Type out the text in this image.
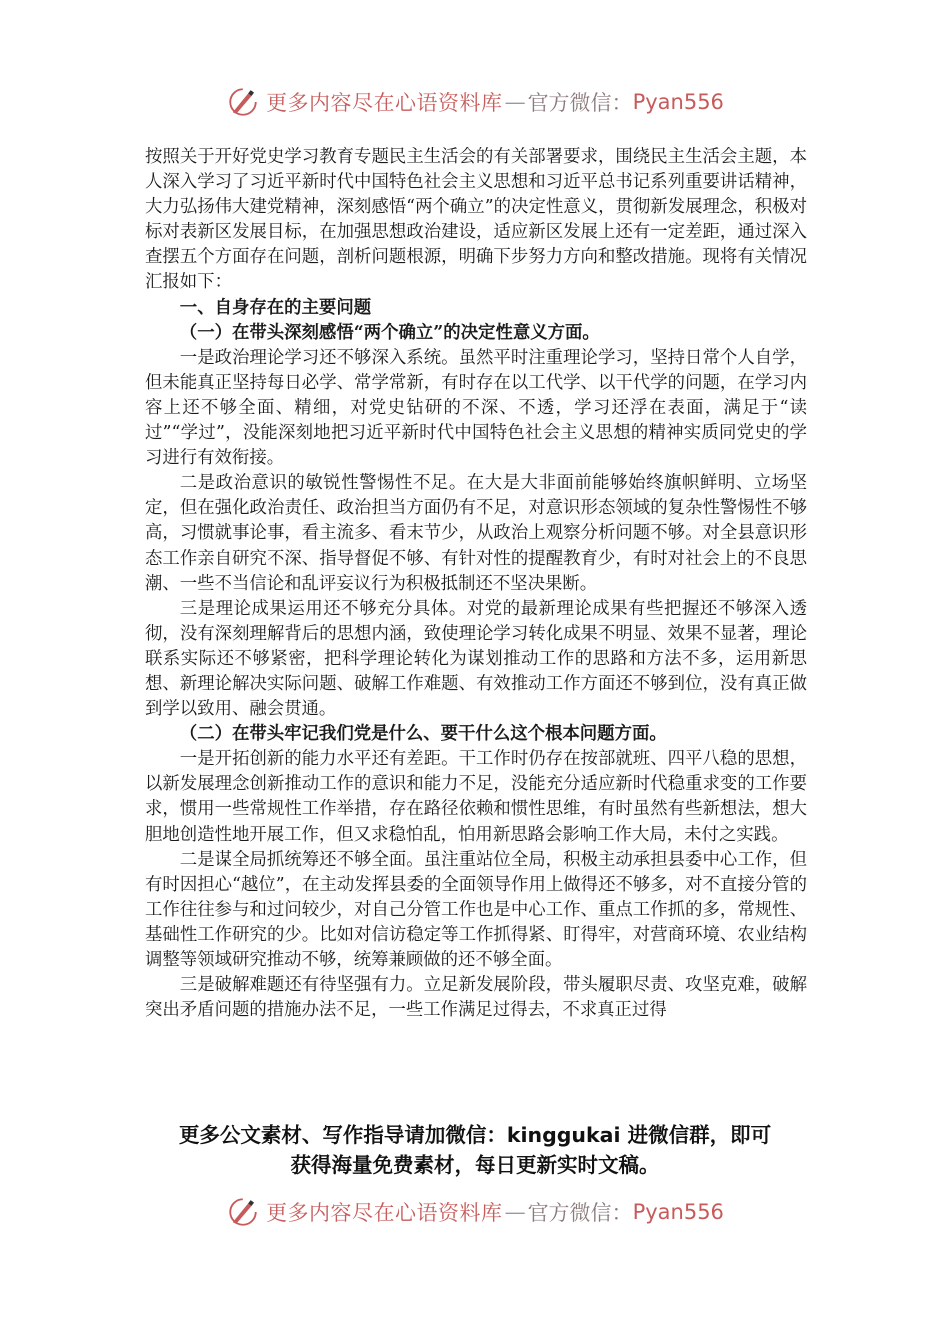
更多内容尽在心语资料库 — 官方微信： Pyan556

按照关于开好党史学习教育专题民主生活会的有关部署要求，围绕民主生活会主题，本人深入学习了习近平新时代中国特色社会主义思想和习近平总书记系列重要讲话精神，大力弘扬伟大建党精神，深刻感悟“两个确立”的决定性意义，贯彻新发展理念，积极对标对表新区发展目标，在加强思想政治建设，适应新区发展上还有一定差距，通过深入查摆五个方面存在问题，剖析问题根源，明确下步努力方向和整改措施。现将有关情况汇报如下：

一、自身存在的主要问题

（一）在带头深刻感悟“两个确立”的决定性意义方面。

一是政治理论学习还不够深入系统。虽然平时注重理论学习，坚持日常个人自学，但未能真正坚持每日必学、常学常新，有时存在以工代学、以干代学的问题，在学习内容上还不够全面、精细，对党史钻研的不深、不透，学习还浮在表面，满足于“读过”“学过”，没能深刻地把习近平新时代中国特色社会主义思想的精神实质同党史的学习进行有效衔接。

二是政治意识的敏锐性警惕性不足。在大是大非面前能够始终旗帜鲜明、立场坚定，但在强化政治责任、政治担当方面仍有不足，对意识形态领域的复杂性警惕性不够高，习惯就事论事，看主流多、看末节少，从政治上观察分析问题不够。对全县意识形态工作亲自研究不深、指导督促不够、有针对性的提醒教育少，有时对社会上的不良思潮、一些不当信论和乱评妄议行为积极抵制还不坚决果断。

三是理论成果运用还不够充分具体。对党的最新理论成果有些把握还不够深入透彻，没有深刻理解背后的思想内涵，致使理论学习转化成果不明显、效果不显著，理论联系实际还不够紧密，把科学理论转化为谋划推动工作的思路和方法不多，运用新思想、新理论解决实际问题、破解工作难题、有效推动工作方面还不够到位，没有真正做到学以致用、融会贯通。

（二）在带头牢记我们党是什么、要干什么这个根本问题方面。

一是开拓创新的能力水平还有差距。干工作时仍存在按部就班、四平八稳的思想，以新发展理念创新推动工作的意识和能力不足，没能充分适应新时代稳重求变的工作要求，惯用一些常规性工作举措，存在路径依赖和惯性思维，有时虽然有些新想法，想大胆地创造性地开展工作，但又求稳怕乱，怕用新思路会影响工作大局，未付之实践。

二是谋全局抓统筹还不够全面。虽注重站位全局，积极主动承担县委中心工作，但有时因担心“越位”，在主动发挥县委的全面领导作用上做得还不够多，对不直接分管的工作往往参与和过问较少，对自己分管工作也是中心工作、重点工作抓的多，常规性、基础性工作研究的少。比如对信访稳定等工作抓得紧、盯得牢，对营商环境、农业结构调整等领域研究推动不够，统筹兼顾做的还不够全面。

三是破解难题还有待坚强有力。立足新发展阶段，带头履职尽责、攻坚克难，破解突出矛盾问题的措施办法不足，一些工作满足过得去，不求真正过得

更多公文素材、写作指导请加微信：kinggukai 进微信群，即可
获得海量免费素材，每日更新实时文稿。
更多内容尽在心语资料库 — 官方微信： Pyan556
